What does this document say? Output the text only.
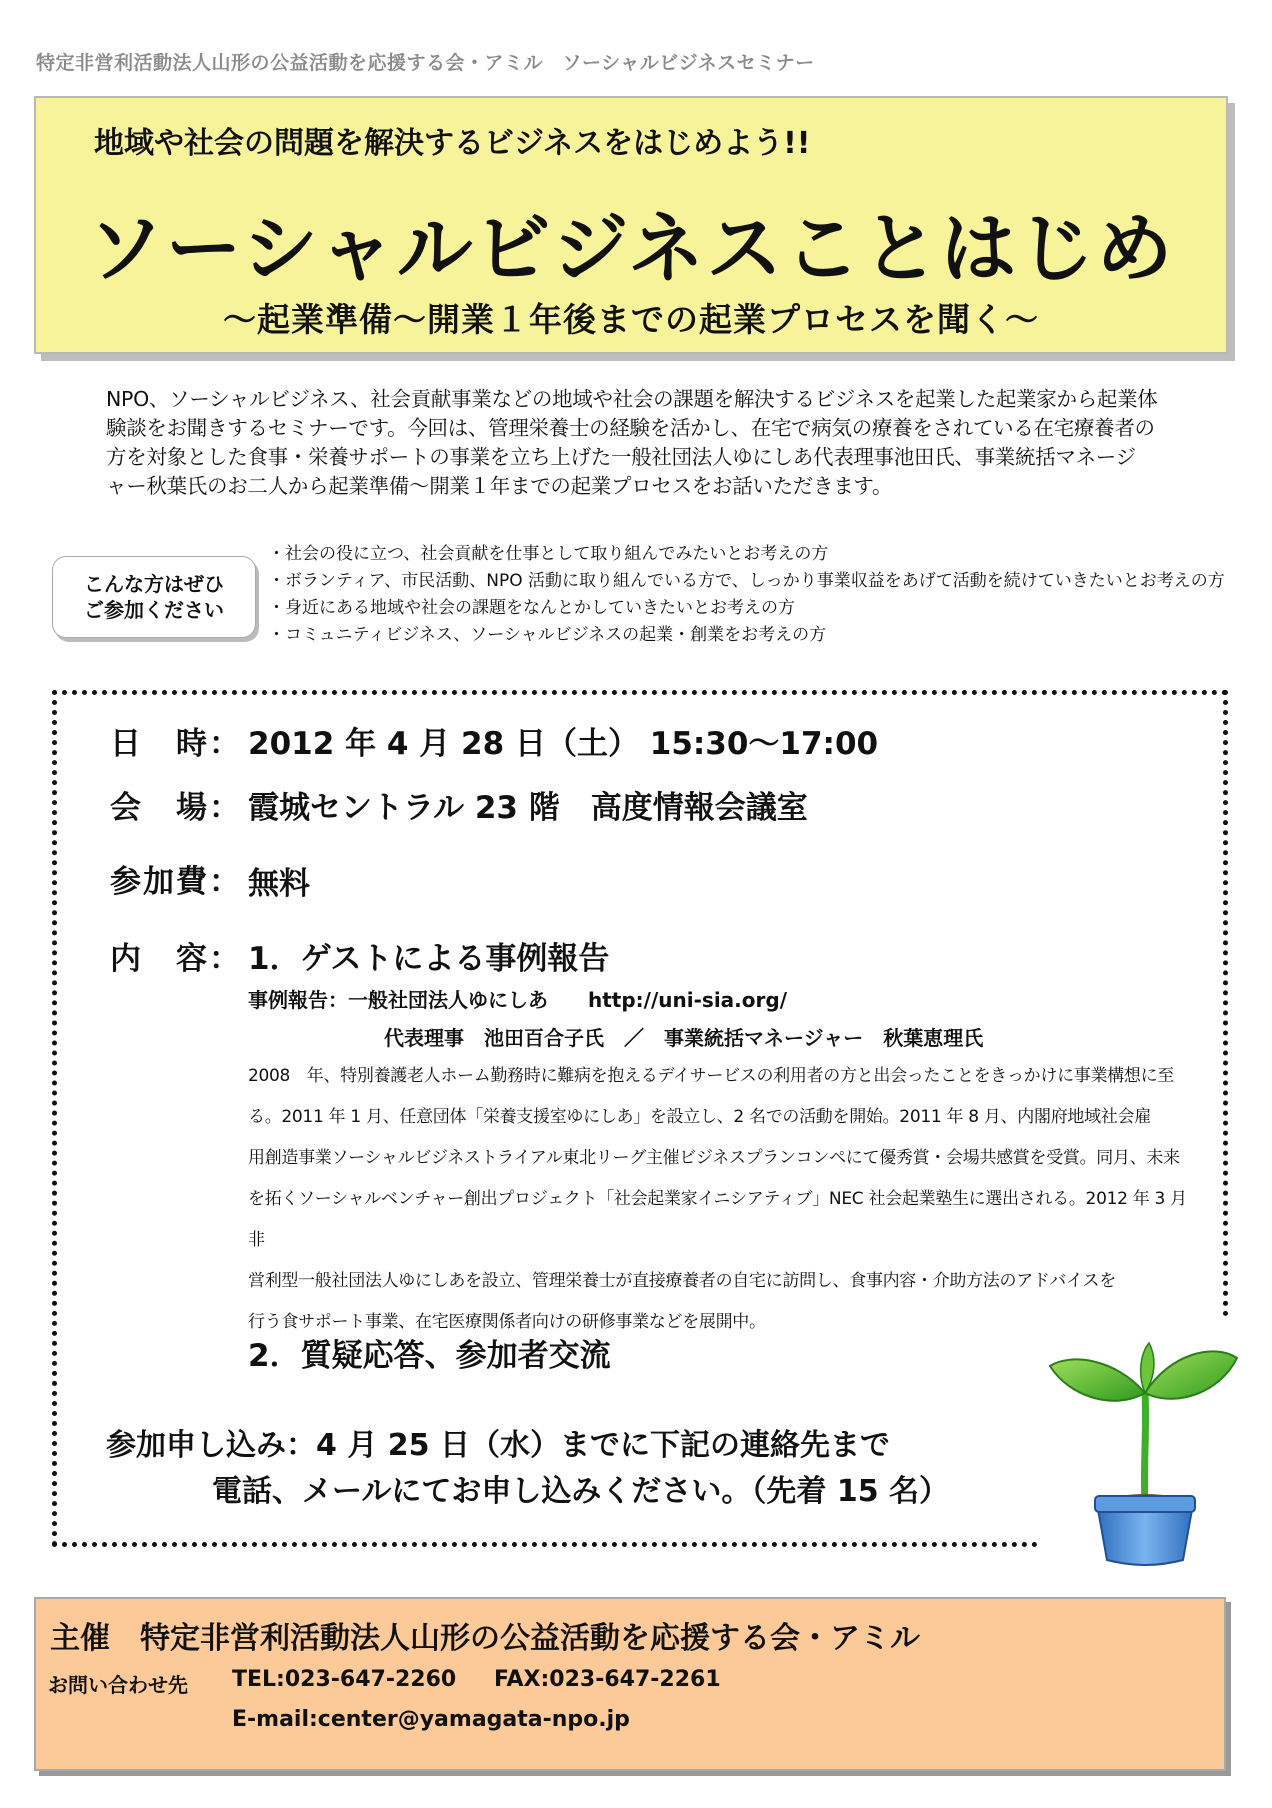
特定非営利活動法人山形の公益活動を応援する会・アミル　ソーシャルビジネスセミナー
地域や社会の問題を解決するビジネスをはじめよう!!
ソーシャルビジネスことはじめ
～起業準備～開業１年後までの起業プロセスを聞く～
NPO、ソーシャルビジネス、社会貢献事業などの地域や社会の課題を解決するビジネスを起業した起業家から起業体
験談をお聞きするセミナーです。今回は、管理栄養士の経験を活かし、在宅で病気の療養をされている在宅療養者の
方を対象とした食事・栄養サポートの事業を立ち上げた一般社団法人ゆにしあ代表理事池田氏、事業統括マネージ
ャー秋葉氏のお二人から起業準備～開業１年までの起業プロセスをお話いただきます。
こんな方はぜひ
ご参加ください
・ 社会の役に立つ、社会貢献を仕事として取り組んでみたいとお考えの方
・ ボランティア、市民活動、NPO 活動に取り組んでいる方で、しっかり事業収益をあげて活動を続けていきたいとお考えの方
・ 身近にある地域や社会の課題をなんとかしていきたいとお考えの方
・ コミュニティビジネス、ソーシャルビジネスの起業・創業をお考えの方
日　時： 2012 年 4 月 28 日（土） 15:30～17:00
会　場： 霞城セントラル 23 階　高度情報会議室
参加費： 無料
内　容： 1．ゲストによる事例報告
事例報告：一般社団法人ゆにしあ　　http://uni-sia.org/
代表理事　池田百合子氏　／　事業統括マネージャー　秋葉恵理氏
2008　年、特別養護老人ホーム勤務時に難病を抱えるデイサービスの利用者の方と出会ったことをきっかけに事業構想に至
る。2011 年 1 月、任意団体「栄養支援室ゆにしあ」を設立し、2 名での活動を開始。2011 年 8 月、内閣府地域社会雇
用創造事業ソーシャルビジネストライアル東北リーグ主催ビジネスプランコンペにて優秀賞・会場共感賞を受賞。同月、未来
を拓くソーシャルベンチャー創出プロジェクト「社会起業家イニシアティブ」NEC 社会起業塾生に選出される。2012 年 3 月非
営利型一般社団法人ゆにしあを設立、管理栄養士が直接療養者の自宅に訪問し、食事内容・介助方法のアドバイスを
行う食サポート事業、在宅医療関係者向けの研修事業などを展開中。
2．質疑応答、参加者交流
参加申し込み：4 月 25 日（水）までに下記の連絡先まで
電話、メールにてお申し込みください。（先着 15 名）
主催　特定非営利活動法人山形の公益活動を応援する会・アミル
お問い合わせ先 TEL:023-647-2260 FAX:023-647-2261
E-mail:center@yamagata-npo.jp
